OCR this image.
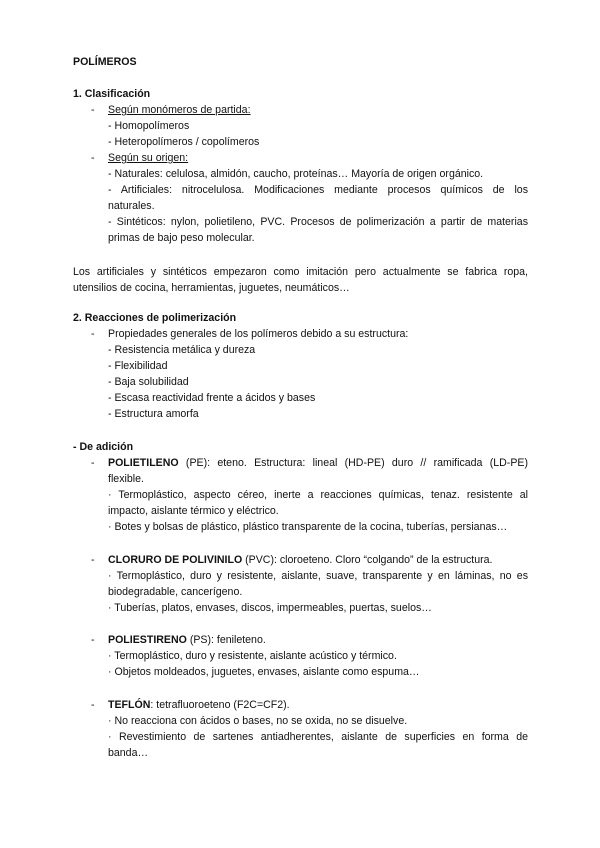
POLÍMEROS
1. Clasificación
- Según monómeros de partida:
- Homopolímeros
- Heteropolímeros / copolímeros
- Según su origen:
- Naturales: celulosa, almidón, caucho, proteínas… Mayoría de origen orgánico.
- Artificiales: nitrocelulosa. Modificaciones mediante procesos químicos de los
naturales.
- Sintéticos: nylon, polietileno, PVC. Procesos de polimerización a partir de materias
primas de bajo peso molecular.
Los artificiales y sintéticos empezaron como imitación pero actualmente se fabrica ropa,
utensilios de cocina, herramientas, juguetes, neumáticos…
2. Reacciones de polimerización
- Propiedades generales de los polímeros debido a su estructura:
- Resistencia metálica y dureza
- Flexibilidad
- Baja solubilidad
- Escasa reactividad frente a ácidos y bases
- Estructura amorfa
- De adición
- POLIETILENO (PE): eteno. Estructura: lineal (HD-PE) duro // ramificada (LD-PE)
flexible.
· Termoplástico, aspecto céreo, inerte a reacciones químicas, tenaz. resistente al
impacto, aislante térmico y eléctrico.
· Botes y bolsas de plástico, plástico transparente de la cocina, tuberías, persianas…
- CLORURO DE POLIVINILO (PVC): cloroeteno. Cloro “colgando” de la estructura.
· Termoplástico, duro y resistente, aislante, suave, transparente y en láminas, no es
biodegradable, cancerígeno.
· Tuberías, platos, envases, discos, impermeables, puertas, suelos…
- POLIESTIRENO (PS): fenileteno.
· Termoplástico, duro y resistente, aislante acústico y térmico.
· Objetos moldeados, juguetes, envases, aislante como espuma…
- TEFLÓN: tetrafluoroeteno (F2C=CF2).
· No reacciona con ácidos o bases, no se oxida, no se disuelve.
· Revestimiento de sartenes antiadherentes, aislante de superficies en forma de
banda…
